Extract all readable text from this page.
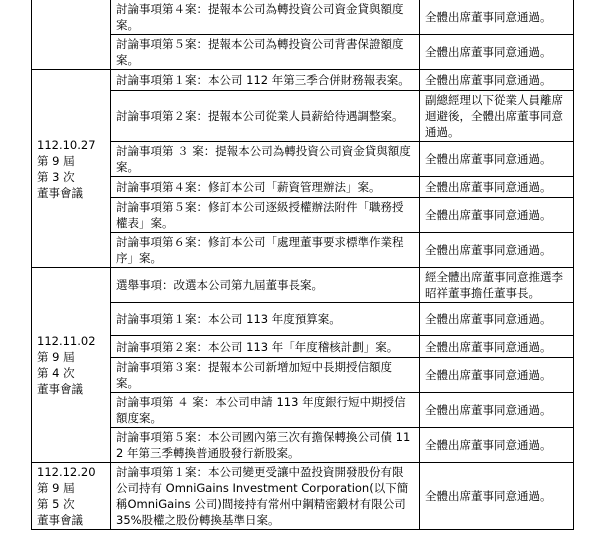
	討論事項第４案：提報本公司為轉投資公司資金貸與額度案。	全體出席董事同意通過。
	討論事項第５案：提報本公司為轉投資公司背書保證額度案。	全體出席董事同意通過。

112.10.27
第 9 屆
第 3 次
董事會議	討論事項第１案：本公司 112 年第三季合併財務報表案。	全體出席董事同意通過。
	討論事項第２案：提報本公司從業人員薪給待遇調整案。	副總經理以下從業人員離席迴避後，全體出席董事同意通過。
	討論事項第 ３ 案：提報本公司為轉投資公司資金貸與額度案。	全體出席董事同意通過。
	討論事項第４案：修訂本公司「薪資管理辦法」案。	全體出席董事同意通過。
	討論事項第５案：修訂本公司逐級授權辦法附件「職務授權表」案。	全體出席董事同意通過。
	討論事項第６案：修訂本公司「處理董事要求標準作業程序」案。	全體出席董事同意通過。

112.11.02
第 9 屆
第 4 次
董事會議	選舉事項：改選本公司第九屆董事長案。	經全體出席董事同意推選李昭祥董事擔任董事長。
	討論事項第１案：本公司 113 年度預算案。	全體出席董事同意通過。
	討論事項第２案：本公司 113 年「年度稽核計劃」案。	全體出席董事同意通過。
	討論事項第３案：提報本公司新增加短中長期授信額度案。	全體出席董事同意通過。
	討論事項第 ４ 案：本公司申請 113 年度銀行短中期授信額度案。	全體出席董事同意通過。
	討論事項第５案：本公司國內第三次有擔保轉換公司債 112 年第三季轉換普通股發行新股案。	全體出席董事同意通過。

112.12.20
第 9 屆
第 5 次
董事會議	討論事項第１案：本公司變更受讓中盈投資開發股份有限公司持有 OmniGains Investment Corporation(以下簡稱OmniGains 公司)間接持有常州中鋼精密鍛材有限公司 35%股權之股份轉換基準日案。	全體出席董事同意通過。
